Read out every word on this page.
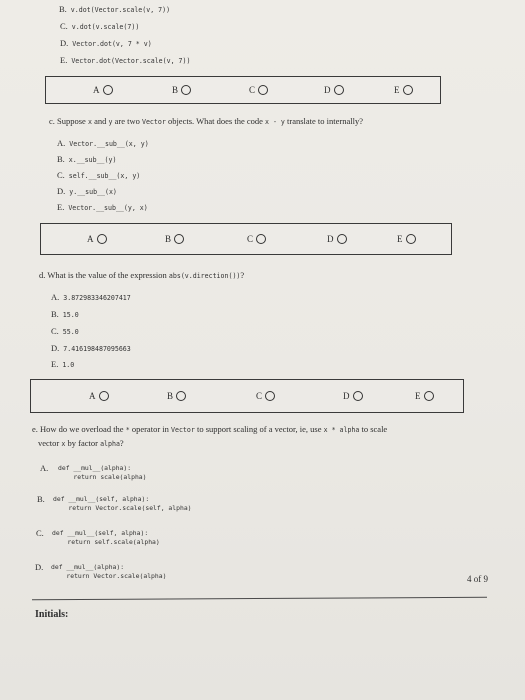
B. v.dot(Vector.scale(v, 7))
C. v.dot(v.scale(7))
D. Vector.dot(v, 7 * v)
E. Vector.dot(Vector.scale(v, 7))
A	B	C	D	E
c. Suppose x and y are two Vector objects. What does the code x - y translate to internally?
A. Vector.__sub__(x, y)
B. x.__sub__(y)
C. self.__sub__(x, y)
D. y.__sub__(x)
E. Vector.__sub__(y, x)
A	B	C	D	E
d. What is the value of the expression abs(v.direction())?
A. 3.872983346207417
B. 15.0
C. 55.0
D. 7.416198487095663
E. 1.0
A	B	C	D	E
e. How do we overload the * operator in Vector to support scaling of a vector, ie, use x * alpha to scale
vector x by factor alpha?
A.	def __mul__(alpha):
return scale(alpha)
B.	def __mul__(self, alpha):
return Vector.scale(self, alpha)
C.	def __mul__(self, alpha):
return self.scale(alpha)
D.	def __mul__(alpha):
return Vector.scale(alpha)	4 of 9
Initials:
